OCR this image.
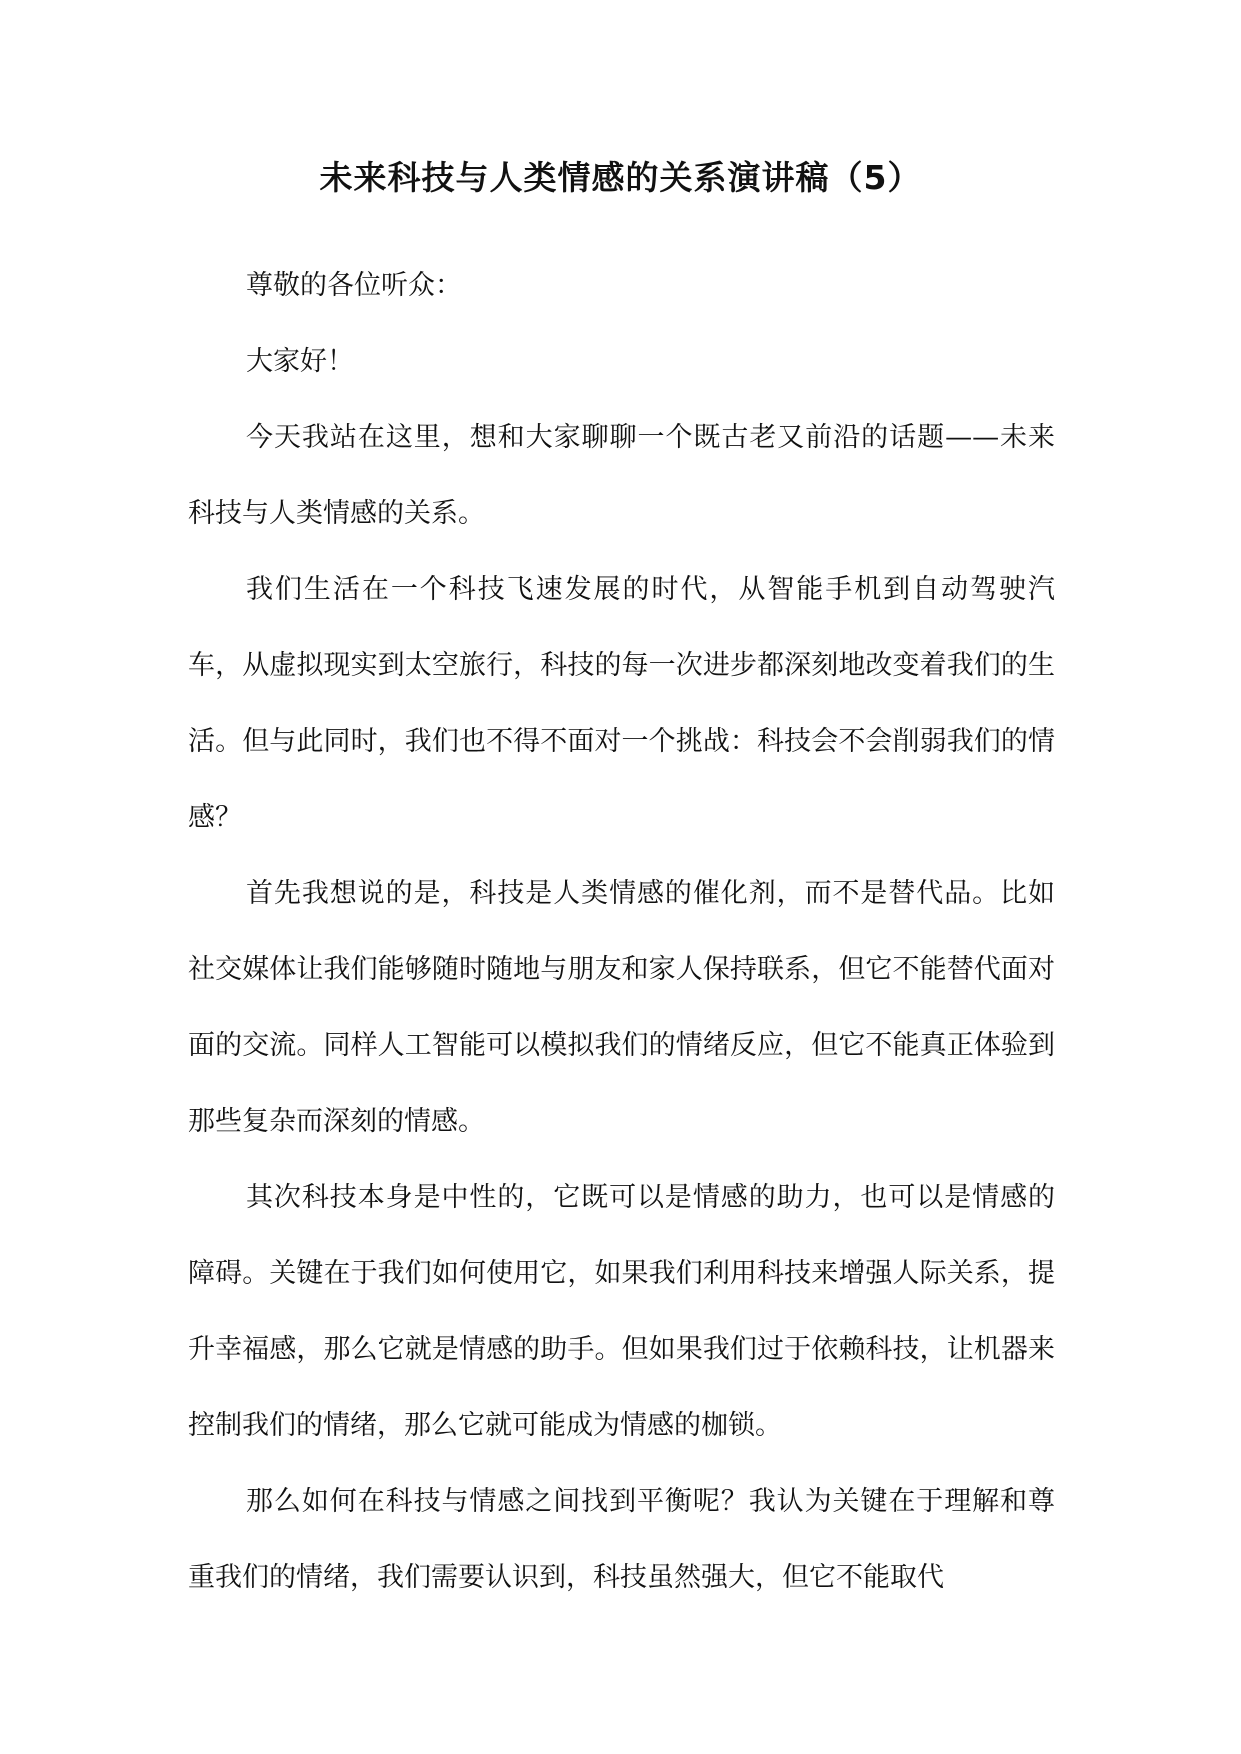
未来科技与人类情感的关系演讲稿（5）

尊敬的各位听众：

大家好！

今天我站在这里，想和大家聊聊一个既古老又前沿的话题——未来科技与人类情感的关系。

我们生活在一个科技飞速发展的时代，从智能手机到自动驾驶汽车，从虚拟现实到太空旅行，科技的每一次进步都深刻地改变着我们的生活。但与此同时，我们也不得不面对一个挑战：科技会不会削弱我们的情感？

首先我想说的是，科技是人类情感的催化剂，而不是替代品。比如社交媒体让我们能够随时随地与朋友和家人保持联系，但它不能替代面对面的交流。同样人工智能可以模拟我们的情绪反应，但它不能真正体验到那些复杂而深刻的情感。

其次科技本身是中性的，它既可以是情感的助力，也可以是情感的障碍。关键在于我们如何使用它，如果我们利用科技来增强人际关系，提升幸福感，那么它就是情感的助手。但如果我们过于依赖科技，让机器来控制我们的情绪，那么它就可能成为情感的枷锁。

那么如何在科技与情感之间找到平衡呢？我认为关键在于理解和尊重我们的情绪，我们需要认识到，科技虽然强大，但它不能取代
